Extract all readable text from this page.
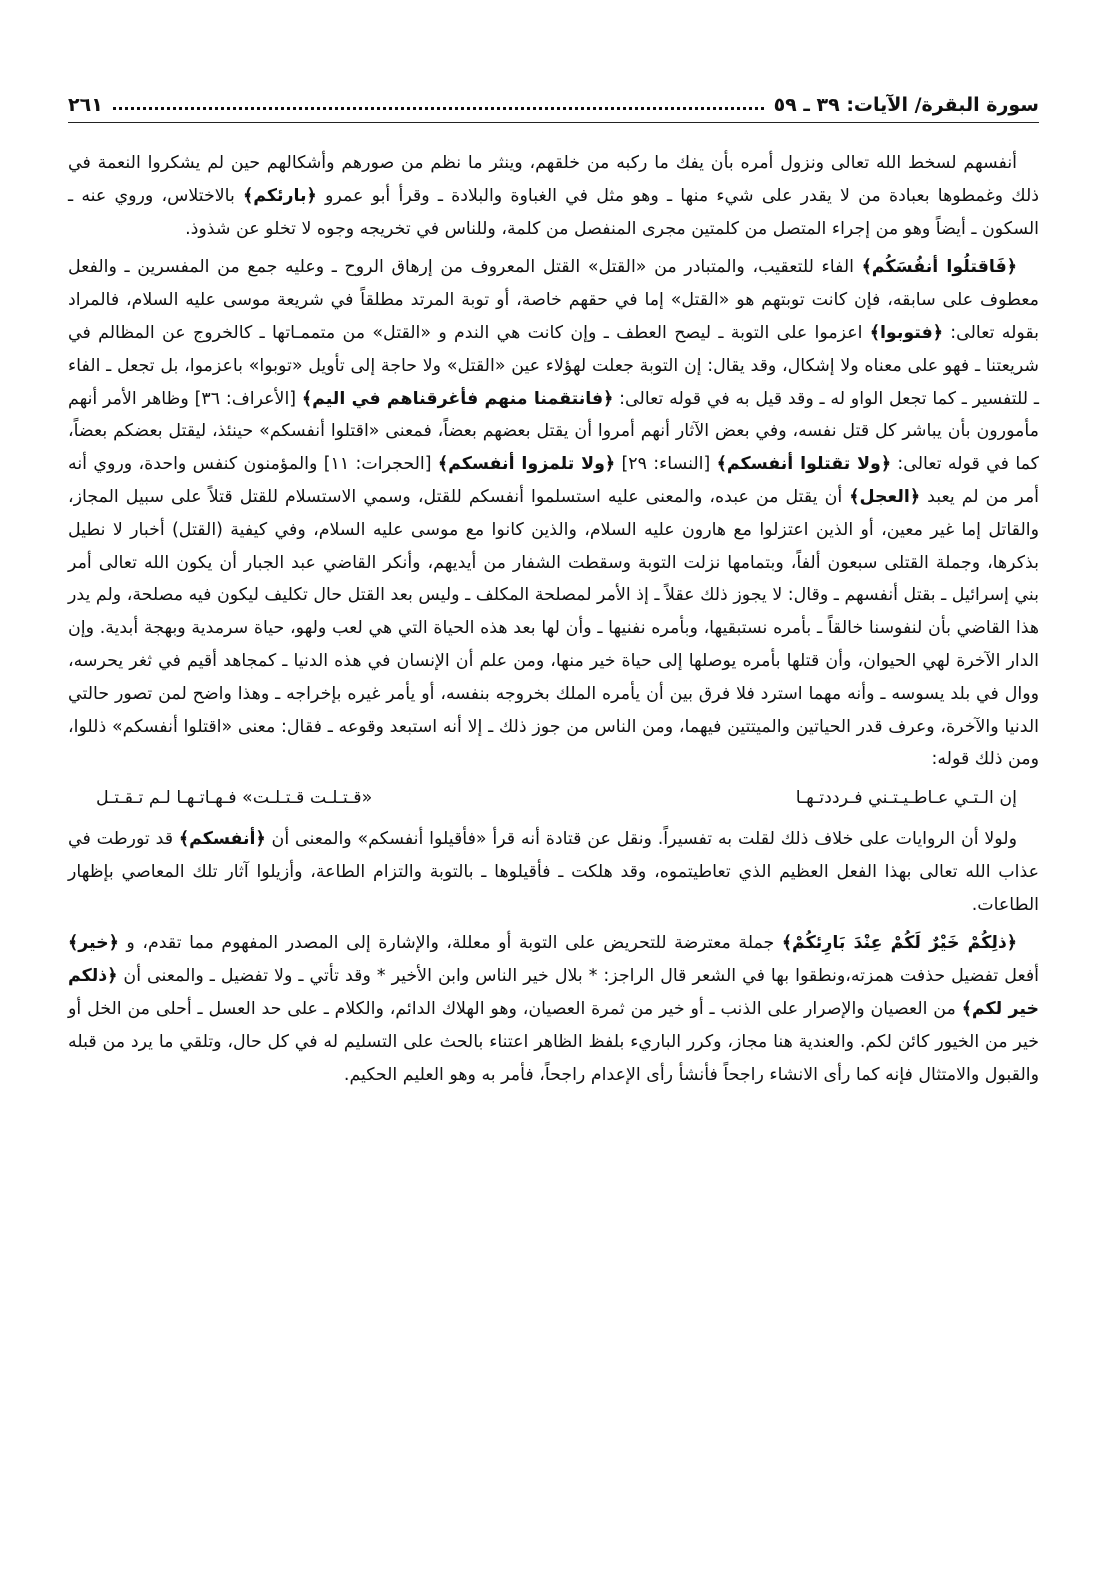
سورة البقرة/ الآيات: ٣٩ ـ ٥٩
٢٦١

أنفسهم لسخط الله تعالى ونزول أمره بأن يفك ما ركبه من خلقهم، وينثر ما نظم من صورهم وأشكالهم حين لم يشكروا النعمة في ذلك وغمطوها بعبادة من لا يقدر على شيء منها ـ وهو مثل في الغباوة والبلادة ـ وقرأ أبو عمرو ﴿بارئكم﴾ بالاختلاس، وروي عنه ـ السكون ـ أيضاً وهو من إجراء المتصل من كلمتين مجرى المنفصل من كلمة، وللناس في تخريجه وجوه لا تخلو عن شذوذ.

﴿فَاقتلُوا أنفُسَكُم﴾ الفاء للتعقيب، والمتبادر من «القتل» القتل المعروف من إرهاق الروح ـ وعليه جمع من المفسرين ـ والفعل معطوف على سابقه، فإن كانت توبتهم هو «القتل» إما في حقهم خاصة، أو توبة المرتد مطلقاً في شريعة موسى عليه السلام، فالمراد بقوله تعالى: ﴿فتوبوا﴾ اعزموا على التوبة ـ ليصح العطف ـ وإن كانت هي الندم و «القتل» من متممـاتها ـ كالخروج عن المظالم في شريعتنا ـ فهو على معناه ولا إشكال، وقد يقال: إن التوبة جعلت لهؤلاء عين «القتل» ولا حاجة إلى تأويل «توبوا» باعزموا، بل تجعل ـ الفاء ـ للتفسير ـ كما تجعل الواو له ـ وقد قيل به في قوله تعالى: ﴿فانتقمنا منهم فأغرقناهم في اليم﴾ [الأعراف: ٣٦] وظاهر الأمر أنهم مأمورون بأن يباشر كل قتل نفسه، وفي بعض الآثار أنهم أمروا أن يقتل بعضهم بعضاً، فمعنى «اقتلوا أنفسكم» حينئذ، ليقتل بعضكم بعضاً، كما في قوله تعالى: ﴿ولا تقتلوا أنفسكم﴾ [النساء: ٢٩] ﴿ولا تلمزوا أنفسكم﴾ [الحجرات: ١١] والمؤمنون كنفس واحدة، وروي أنه أمر من لم يعبد ﴿العجل﴾ أن يقتل من عبده، والمعنى عليه استسلموا أنفسكم للقتل، وسمي الاستسلام للقتل قتلاً على سبيل المجاز، والقاتل إما غير معين، أو الذين اعتزلوا مع هارون عليه السلام، والذين كانوا مع موسى عليه السلام، وفي كيفية (القتل) أخبار لا نطيل بذكرها، وجملة القتلى سبعون ألفاً، وبتمامها نزلت التوبة وسقطت الشفار من أيديهم، وأنكر القاضي عبد الجبار أن يكون الله تعالى أمر بني إسرائيل ـ بقتل أنفسهم ـ وقال: لا يجوز ذلك عقلاً ـ إذ الأمر لمصلحة المكلف ـ وليس بعد القتل حال تكليف ليكون فيه مصلحة، ولم يدر هذا القاضي بأن لنفوسنا خالقاً ـ بأمره نستبقيها، وبأمره نفنيها ـ وأن لها بعد هذه الحياة التي هي لعب ولهو، حياة سرمدية وبهجة أبدية. وإن الدار الآخرة لهي الحيوان، وأن قتلها بأمره يوصلها إلى حياة خير منها، ومن علم أن الإنسان في هذه الدنيا ـ كمجاهد أقيم في ثغر يحرسه، ووال في بلد يسوسه ـ وأنه مهما استرد فلا فرق بين أن يأمره الملك بخروجه بنفسه، أو يأمر غيره بإخراجه ـ وهذا واضح لمن تصور حالتي الدنيا والآخرة، وعرف قدر الحياتين والميتتين فيهما، ومن الناس من جوز ذلك ـ إلا أنه استبعد وقوعه ـ فقال: معنى «اقتلوا أنفسكم» ذللوا، ومن ذلك قوله:

إن الـتـي عـاطـيـتـني فـرددتـهـا
«قـتـلـت قـتـلـت» فـهـاتـهـا لـم تـقـتـل

ولولا أن الروايات على خلاف ذلك لقلت به تفسيراً. ونقل عن قتادة أنه قرأ «فأقيلوا أنفسكم» والمعنى أن ﴿أنفسكم﴾ قد تورطت في عذاب الله تعالى بهذا الفعل العظيم الذي تعاطيتموه، وقد هلكت ـ فأقيلوها ـ بالتوبة والتزام الطاعة، وأزيلوا آثار تلك المعاصي بإظهار الطاعات.

﴿ذلِكُمْ خَيْرٌ لَكُمْ عِنْدَ بَارِئكُمْ﴾ جملة معترضة للتحريض على التوبة أو معللة، والإشارة إلى المصدر المفهوم مما تقدم، و ﴿خير﴾ أفعل تفضيل حذفت همزته،ونطقوا بها في الشعر قال الراجز: * بلال خير الناس وابن الأخير * وقد تأتي ـ ولا تفضيل ـ والمعنى أن ﴿ذلكم خير لكم﴾ من العصيان والإصرار على الذنب ـ أو خير من ثمرة العصيان، وهو الهلاك الدائم، والكلام ـ على حد العسل ـ أحلى من الخل أو خير من الخيور كائن لكم. والعندية هنا مجاز، وكرر الباريء بلفظ الظاهر اعتناء بالحث على التسليم له في كل حال، وتلقي ما يرد من قبله والقبول والامتثال فإنه كما رأى الانشاء راجحاً فأنشأ رأى الإعدام راجحاً، فأمر به وهو العليم الحكيم.
